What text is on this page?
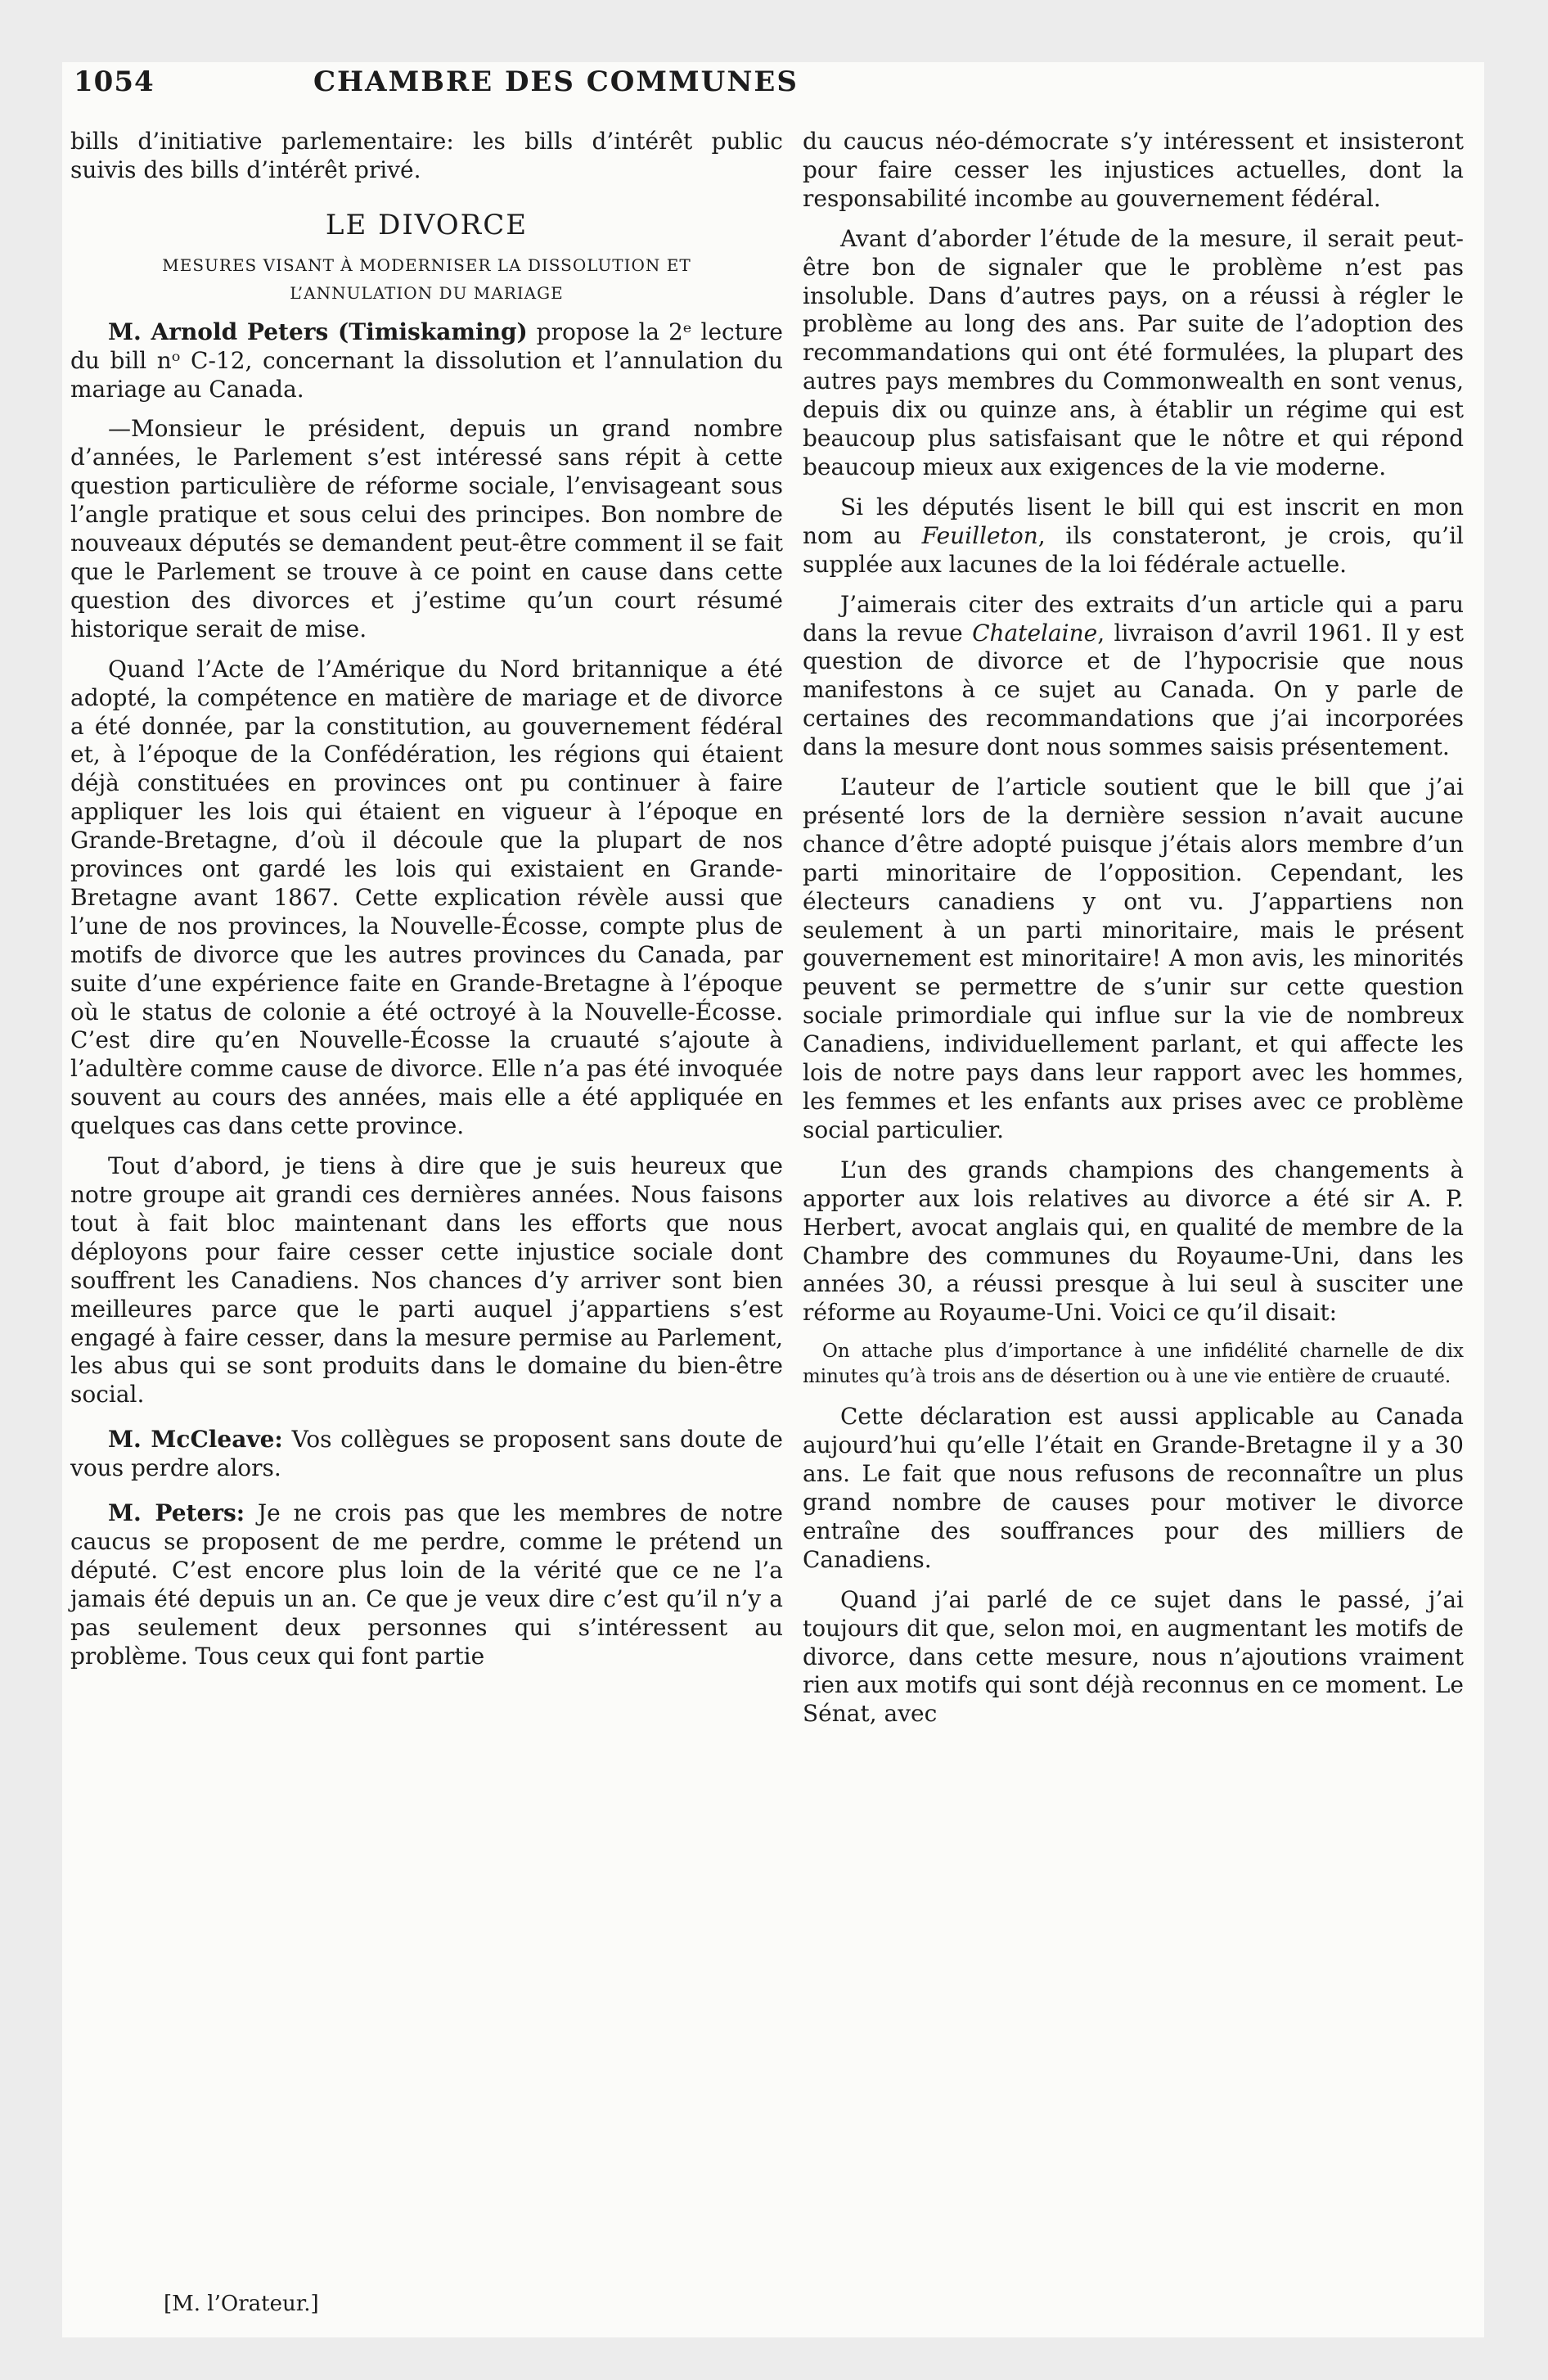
1054	CHAMBRE DES COMMUNES

bills d’initiative parlementaire: les bills d’intérêt public suivis des bills d’intérêt privé.

LE DIVORCE
MESURES VISANT À MODERNISER LA DISSOLUTION ET L’ANNULATION DU MARIAGE

M. Arnold Peters (Timiskaming) propose la 2ᵉ lecture du bill nᵒ C-12, concernant la dissolution et l’annulation du mariage au Canada.

—Monsieur le président, depuis un grand nombre d’années, le Parlement s’est intéressé sans répit à cette question particulière de réforme sociale, l’envisageant sous l’angle pratique et sous celui des principes. Bon nombre de nouveaux députés se demandent peut-être comment il se fait que le Parlement se trouve à ce point en cause dans cette question des divorces et j’estime qu’un court résumé historique serait de mise.

Quand l’Acte de l’Amérique du Nord britannique a été adopté, la compétence en matière de mariage et de divorce a été donnée, par la constitution, au gouvernement fédéral et, à l’époque de la Confédération, les régions qui étaient déjà constituées en provinces ont pu continuer à faire appliquer les lois qui étaient en vigueur à l’époque en Grande-Bretagne, d’où il découle que la plupart de nos provinces ont gardé les lois qui existaient en Grande-Bretagne avant 1867. Cette explication révèle aussi que l’une de nos provinces, la Nouvelle-Écosse, compte plus de motifs de divorce que les autres provinces du Canada, par suite d’une expérience faite en Grande-Bretagne à l’époque où le status de colonie a été octroyé à la Nouvelle-Écosse. C’est dire qu’en Nouvelle-Écosse la cruauté s’ajoute à l’adultère comme cause de divorce. Elle n’a pas été invoquée souvent au cours des années, mais elle a été appliquée en quelques cas dans cette province.

Tout d’abord, je tiens à dire que je suis heureux que notre groupe ait grandi ces dernières années. Nous faisons tout à fait bloc maintenant dans les efforts que nous déployons pour faire cesser cette injustice sociale dont souffrent les Canadiens. Nos chances d’y arriver sont bien meilleures parce que le parti auquel j’appartiens s’est engagé à faire cesser, dans la mesure permise au Parlement, les abus qui se sont produits dans le domaine du bien-être social.

M. McCleave: Vos collègues se proposent sans doute de vous perdre alors.

M. Peters: Je ne crois pas que les membres de notre caucus se proposent de me perdre, comme le prétend un député. C’est encore plus loin de la vérité que ce ne l’a jamais été depuis un an. Ce que je veux dire c’est qu’il n’y a pas seulement deux personnes qui s’intéressent au problème. Tous ceux qui font partie

du caucus néo-démocrate s’y intéressent et insisteront pour faire cesser les injustices actuelles, dont la responsabilité incombe au gouvernement fédéral.

Avant d’aborder l’étude de la mesure, il serait peut-être bon de signaler que le problème n’est pas insoluble. Dans d’autres pays, on a réussi à régler le problème au long des ans. Par suite de l’adoption des recommandations qui ont été formulées, la plupart des autres pays membres du Commonwealth en sont venus, depuis dix ou quinze ans, à établir un régime qui est beaucoup plus satisfaisant que le nôtre et qui répond beaucoup mieux aux exigences de la vie moderne.

Si les députés lisent le bill qui est inscrit en mon nom au Feuilleton, ils constateront, je crois, qu’il supplée aux lacunes de la loi fédérale actuelle.

J’aimerais citer des extraits d’un article qui a paru dans la revue Chatelaine, livraison d’avril 1961. Il y est question de divorce et de l’hypocrisie que nous manifestons à ce sujet au Canada. On y parle de certaines des recommandations que j’ai incorporées dans la mesure dont nous sommes saisis présentement.

L’auteur de l’article soutient que le bill que j’ai présenté lors de la dernière session n’avait aucune chance d’être adopté puisque j’étais alors membre d’un parti minoritaire de l’opposition. Cependant, les électeurs canadiens y ont vu. J’appartiens non seulement à un parti minoritaire, mais le présent gouvernement est minoritaire! A mon avis, les minorités peuvent se permettre de s’unir sur cette question sociale primordiale qui influe sur la vie de nombreux Canadiens, individuellement parlant, et qui affecte les lois de notre pays dans leur rapport avec les hommes, les femmes et les enfants aux prises avec ce problème social particulier.

L’un des grands champions des changements à apporter aux lois relatives au divorce a été sir A. P. Herbert, avocat anglais qui, en qualité de membre de la Chambre des communes du Royaume-Uni, dans les années 30, a réussi presque à lui seul à susciter une réforme au Royaume-Uni. Voici ce qu’il disait:

On attache plus d’importance à une infidélité charnelle de dix minutes qu’à trois ans de désertion ou à une vie entière de cruauté.

Cette déclaration est aussi applicable au Canada aujourd’hui qu’elle l’était en Grande-Bretagne il y a 30 ans. Le fait que nous refusons de reconnaître un plus grand nombre de causes pour motiver le divorce entraîne des souffrances pour des milliers de Canadiens.

Quand j’ai parlé de ce sujet dans le passé, j’ai toujours dit que, selon moi, en augmentant les motifs de divorce, dans cette mesure, nous n’ajoutions vraiment rien aux motifs qui sont déjà reconnus en ce moment. Le Sénat, avec

[M. l’Orateur.]
